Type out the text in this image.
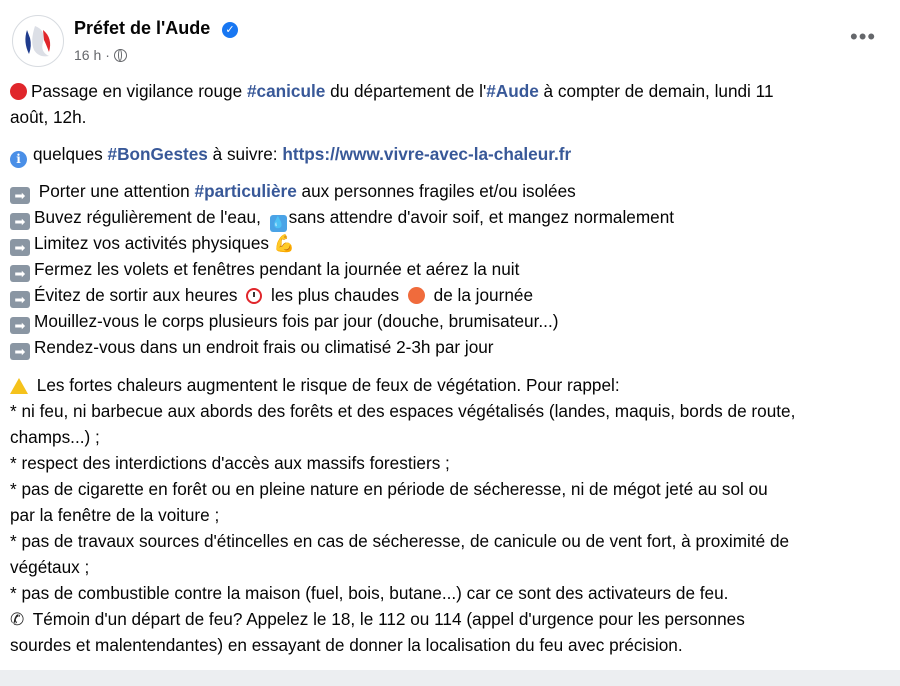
Préfet de l'Aude	✓
16 h ·
•••
Passage en vigilance rouge #canicule du département de l'#Aude à compter de demain, lundi 11
août, 12h.
i quelques #BonGestes à suivre: https://www.vivre-avec-la-chaleur.fr
➡ Porter une attention #particulière aux personnes fragiles et/ou isolées
➡ Buvez régulièrement de l'eau, 💧 sans attendre d'avoir soif, et mangez normalement
➡ Limitez vos activités physiques 💪
➡ Fermez les volets et fenêtres pendant la journée et aérez la nuit
➡ Évitez de sortir aux heures  les plus chaudes  de la journée
➡ Mouillez-vous le corps plusieurs fois par jour (douche, brumisateur...)
➡ Rendez-vous dans un endroit frais ou climatisé 2-3h par jour
Les fortes chaleurs augmentent le risque de feux de végétation. Pour rappel:
* ni feu, ni barbecue aux abords des forêts et des espaces végétalisés (landes, maquis, bords de route,
champs...) ;
* respect des interdictions d'accès aux massifs forestiers ;
* pas de cigarette en forêt ou en pleine nature en période de sécheresse, ni de mégot jeté au sol ou
par la fenêtre de la voiture ;
* pas de travaux sources d'étincelles en cas de sécheresse, de canicule ou de vent fort, à proximité de
végétaux ;
* pas de combustible contre la maison (fuel, bois, butane...) car ce sont des activateurs de feu.
✆ Témoin d'un départ de feu? Appelez le 18, le 112 ou 114 (appel d'urgence pour les personnes
sourdes et malentendantes) en essayant de donner la localisation du feu avec précision.
